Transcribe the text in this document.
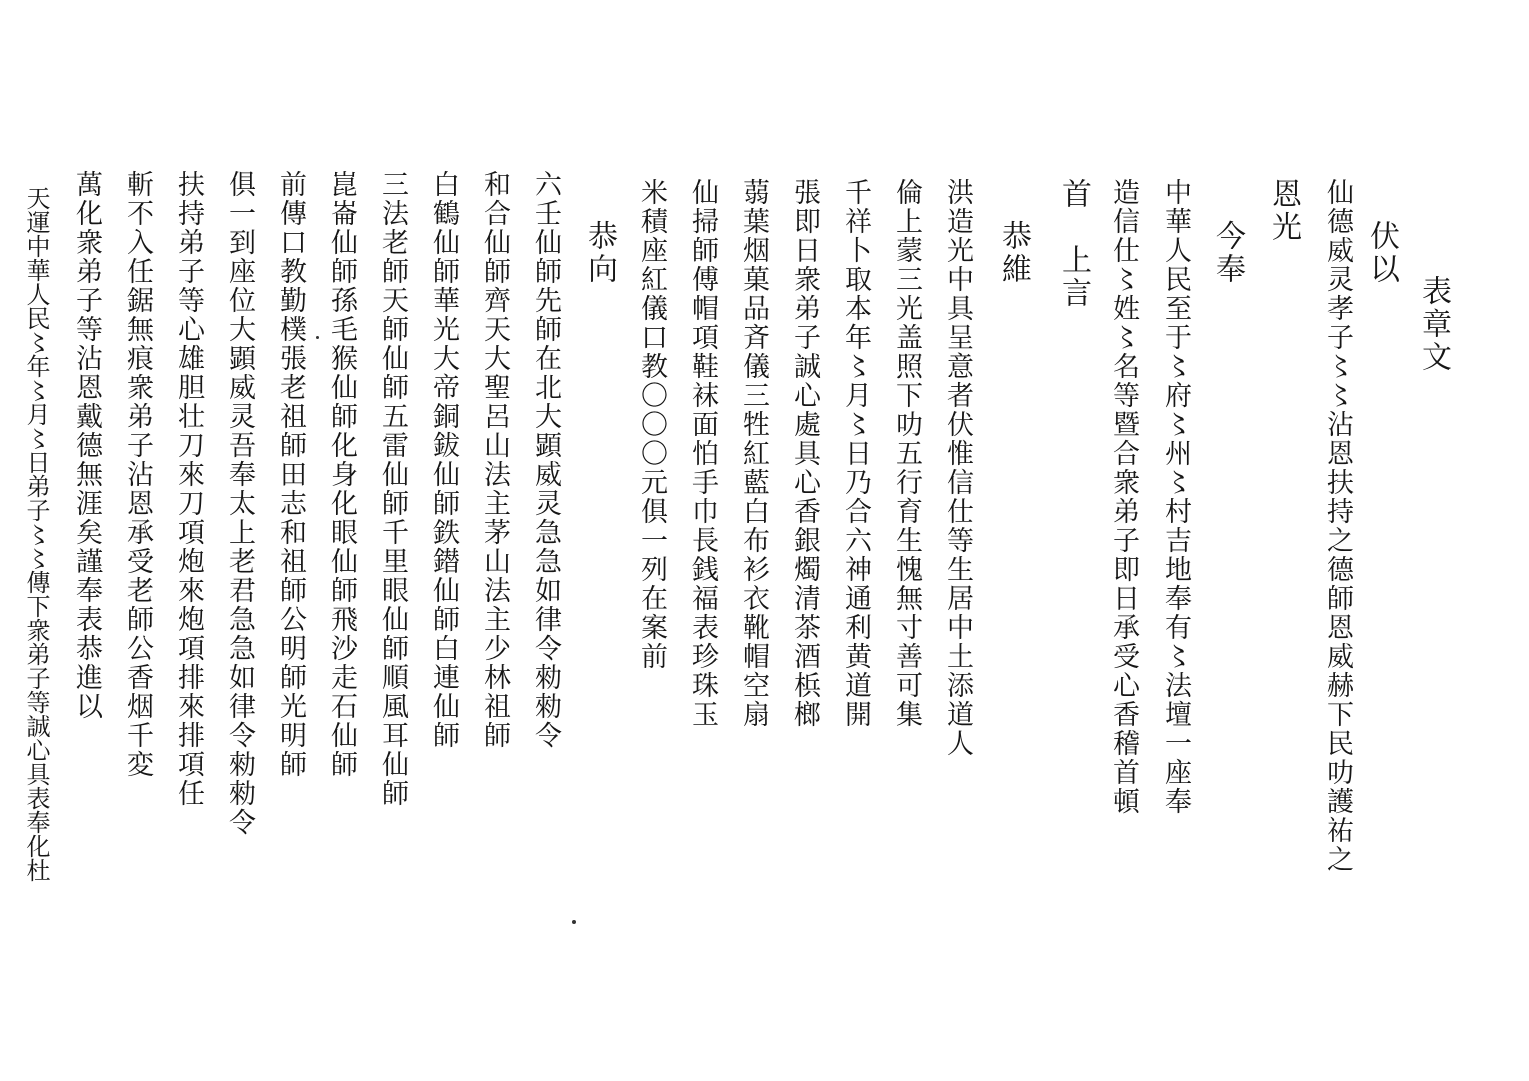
表章文
伏以
仙德威灵孝子〻〻沾恩扶持之德師恩威赫下民叻護祐之
恩光
今奉
中華人民至于〻府〻州〻村吉地奉有〻法壇一座奉
造信仕〻姓〻名等暨合衆弟子即日承受心香稽首頓
首　上言
恭維
洪造光中具呈意者伏惟信仕等生居中土添道人
倫上蒙三光盖照下叻五行育生愧無寸善可集
千祥卜取本年〻月〻日乃合六神通利黄道開
張即日衆弟子誠心處具心香銀燭清茶酒梹榔
蒻葉烟菓品斉儀三牲紅藍白布衫衣靴帽空扇
仙掃師傅帽項鞋袜面怕手巾長銭福表珍珠玉
米積座紅儀口教〇〇〇元俱一列在案前
恭向
六壬仙師先師在北大顕威灵急急如律令勑勑令
和合仙師齊天大聖呂山法主茅山法主少林祖師
白鶴仙師華光大帝銅鈸仙師鉄鐟仙師白連仙師
三法老師天師仙師五雷仙師千里眼仙師順風耳仙師
崑崙仙師孫毛猴仙師化身化眼仙師飛沙走石仙師
前傳口教勤樸張老祖師田志和祖師公明師光明師
俱一到座位大顕威灵吾奉太上老君急急如律令勑勑令
扶持弟子等心雄胆壮刀來刀項炮來炮項排來排項任
斬不入任鋸無痕衆弟子沾恩承受老師公香烟千変
萬化衆弟子等沾恩戴德無涯矣謹奉表恭進以
天運中華人民〻年〻月〻日弟子〻〻傳下衆弟子等誠心具表奉化杜
